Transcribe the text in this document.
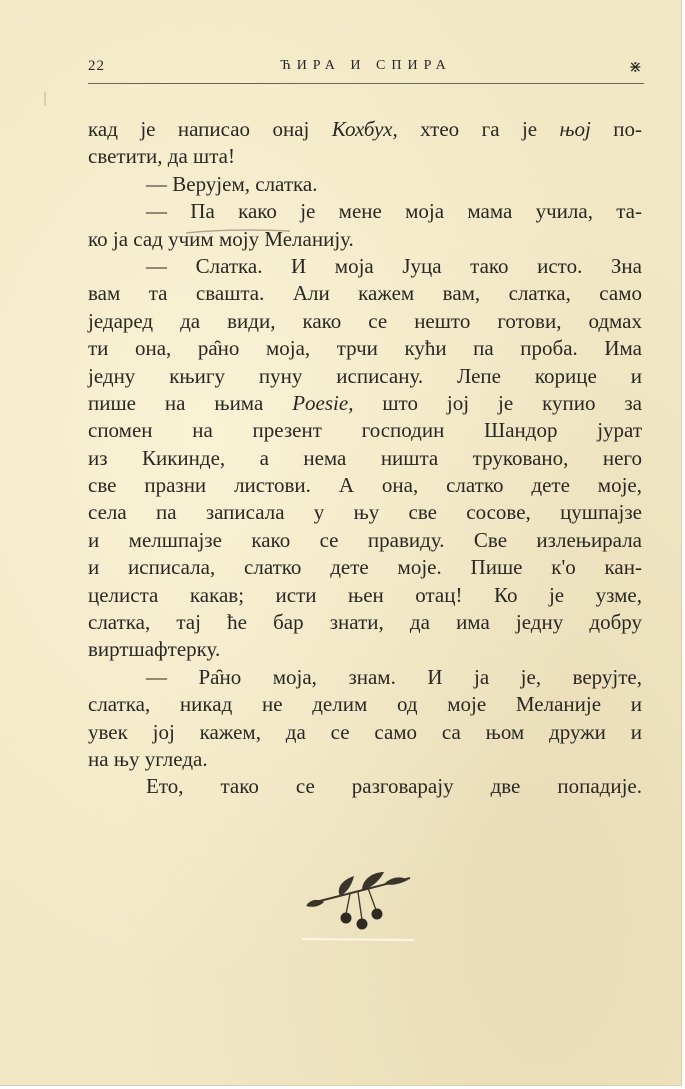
22	ЋИРА И СПИРА	⋇
кад је написао онај Кохбух, хтео га је њој по-
светити, да шта!
— Верујем, слатка.
— Па како је мене моја мама учила, та-
ко ја сад учим моју Меланију.
— Слатка. И моја Јуца тако исто. Зна
вам та свашта. Али кажем вам, слатка, само
једаред да види, како се нешто готови, одмах
ти она, ра̑но моја, трчи кући па проба. Има
једну књигу пуну исписану. Лепе корице и
пише на њима Poesie, што јој је купио за
спомен на презент господин Шандор јурат
из Кикинде, а нема ништа труковано, него
све празни листови. А она, слатко дете моје,
села па записала у њу све сосове, цушпајзе
и мелшпајзе како се правиду. Све излењирала
и исписала, слатко дете моје. Пише к'о кан-
целиста какав; исти њен отац! Ко је узме,
слатка, тај ће бар знати, да има једну добру
виртшафтерку.
— Ра̑но моја, знам. И ја је, верујте,
слатка, никад не делим од моје Меланије и
увек јој кажем, да се само са њом дружи и
на њу угледа.
Ето, тако се разговарају две попадије.
